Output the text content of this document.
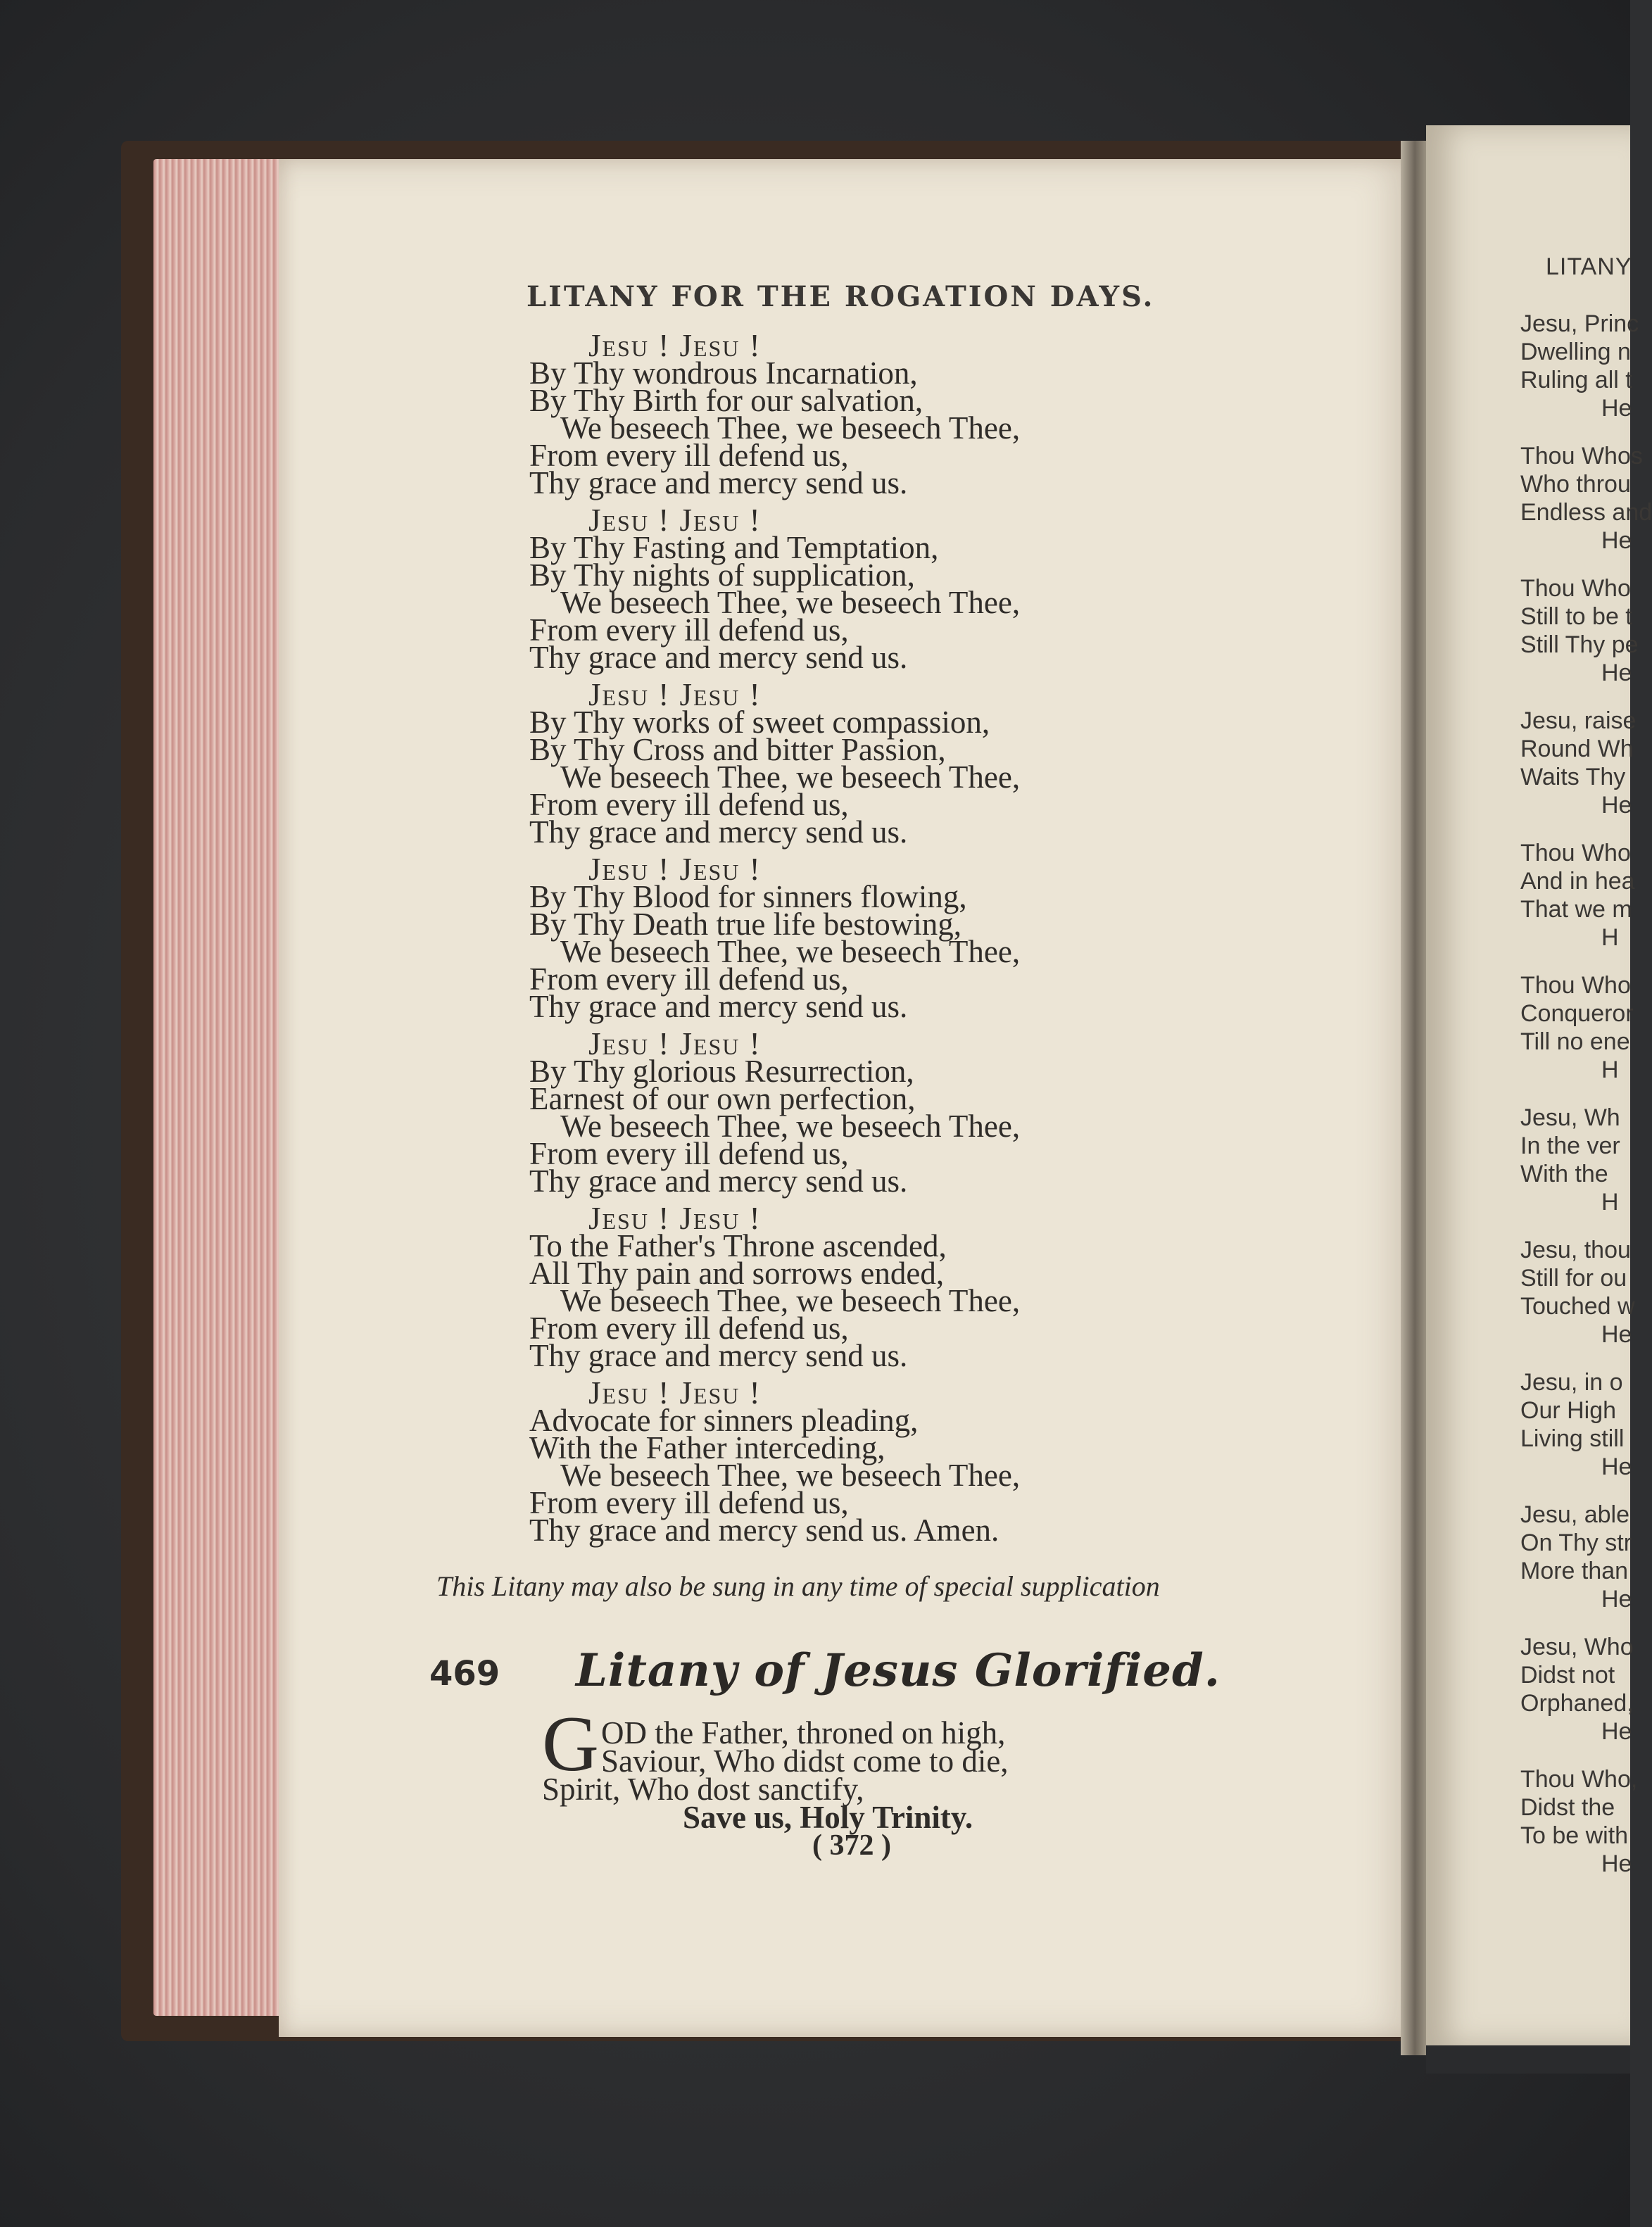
LITANY FOR THE ROGATION DAYS.
Jesu ! Jesu !
By Thy wondrous Incarnation,
By Thy Birth for our salvation,
We beseech Thee, we beseech Thee,
From every ill defend us,
Thy grace and mercy send us.
Jesu ! Jesu !
By Thy Fasting and Temptation,
By Thy nights of supplication,
We beseech Thee, we beseech Thee,
From every ill defend us,
Thy grace and mercy send us.
Jesu ! Jesu !
By Thy works of sweet compassion,
By Thy Cross and bitter Passion,
We beseech Thee, we beseech Thee,
From every ill defend us,
Thy grace and mercy send us.
Jesu ! Jesu !
By Thy Blood for sinners flowing,
By Thy Death true life bestowing,
We beseech Thee, we beseech Thee,
From every ill defend us,
Thy grace and mercy send us.
Jesu ! Jesu !
By Thy glorious Resurrection,
Earnest of our own perfection,
We beseech Thee, we beseech Thee,
From every ill defend us,
Thy grace and mercy send us.
Jesu ! Jesu !
To the Father's Throne ascended,
All Thy pain and sorrows ended,
We beseech Thee, we beseech Thee,
From every ill defend us,
Thy grace and mercy send us.
Jesu ! Jesu !
Advocate for sinners pleading,
With the Father interceding,
We beseech Thee, we beseech Thee,
From every ill defend us,
Thy grace and mercy send us. Amen.

This Litany may also be sung in any time of special supplication

469 Litany of Jesus Glorified.
G OD the Father, throned on high,
Saviour, Who didst come to die,
Spirit, Who dost sanctify,
Save us, Holy Trinity.
( 372 )
LITANY
Jesu, Princ
Dwelling n
Ruling all t
He
Thou Whos
Who throu
Endless and
He
Thou Who
Still to be t
Still Thy pe
He
Jesu, raise
Round Wh
Waits Thy
He
Thou Who
And in hea
That we m
H
Thou Who
Conqueror
Till no ene
H
Jesu, Wh
In the ver
With the
H
Jesu, thou
Still for ou
Touched w
He
Jesu, in o
Our High
Living still
He
Jesu, able
On Thy str
More than
He
Jesu, Who
Didst not
Orphaned,
He
Thou Who,
Didst the
To be with
He
